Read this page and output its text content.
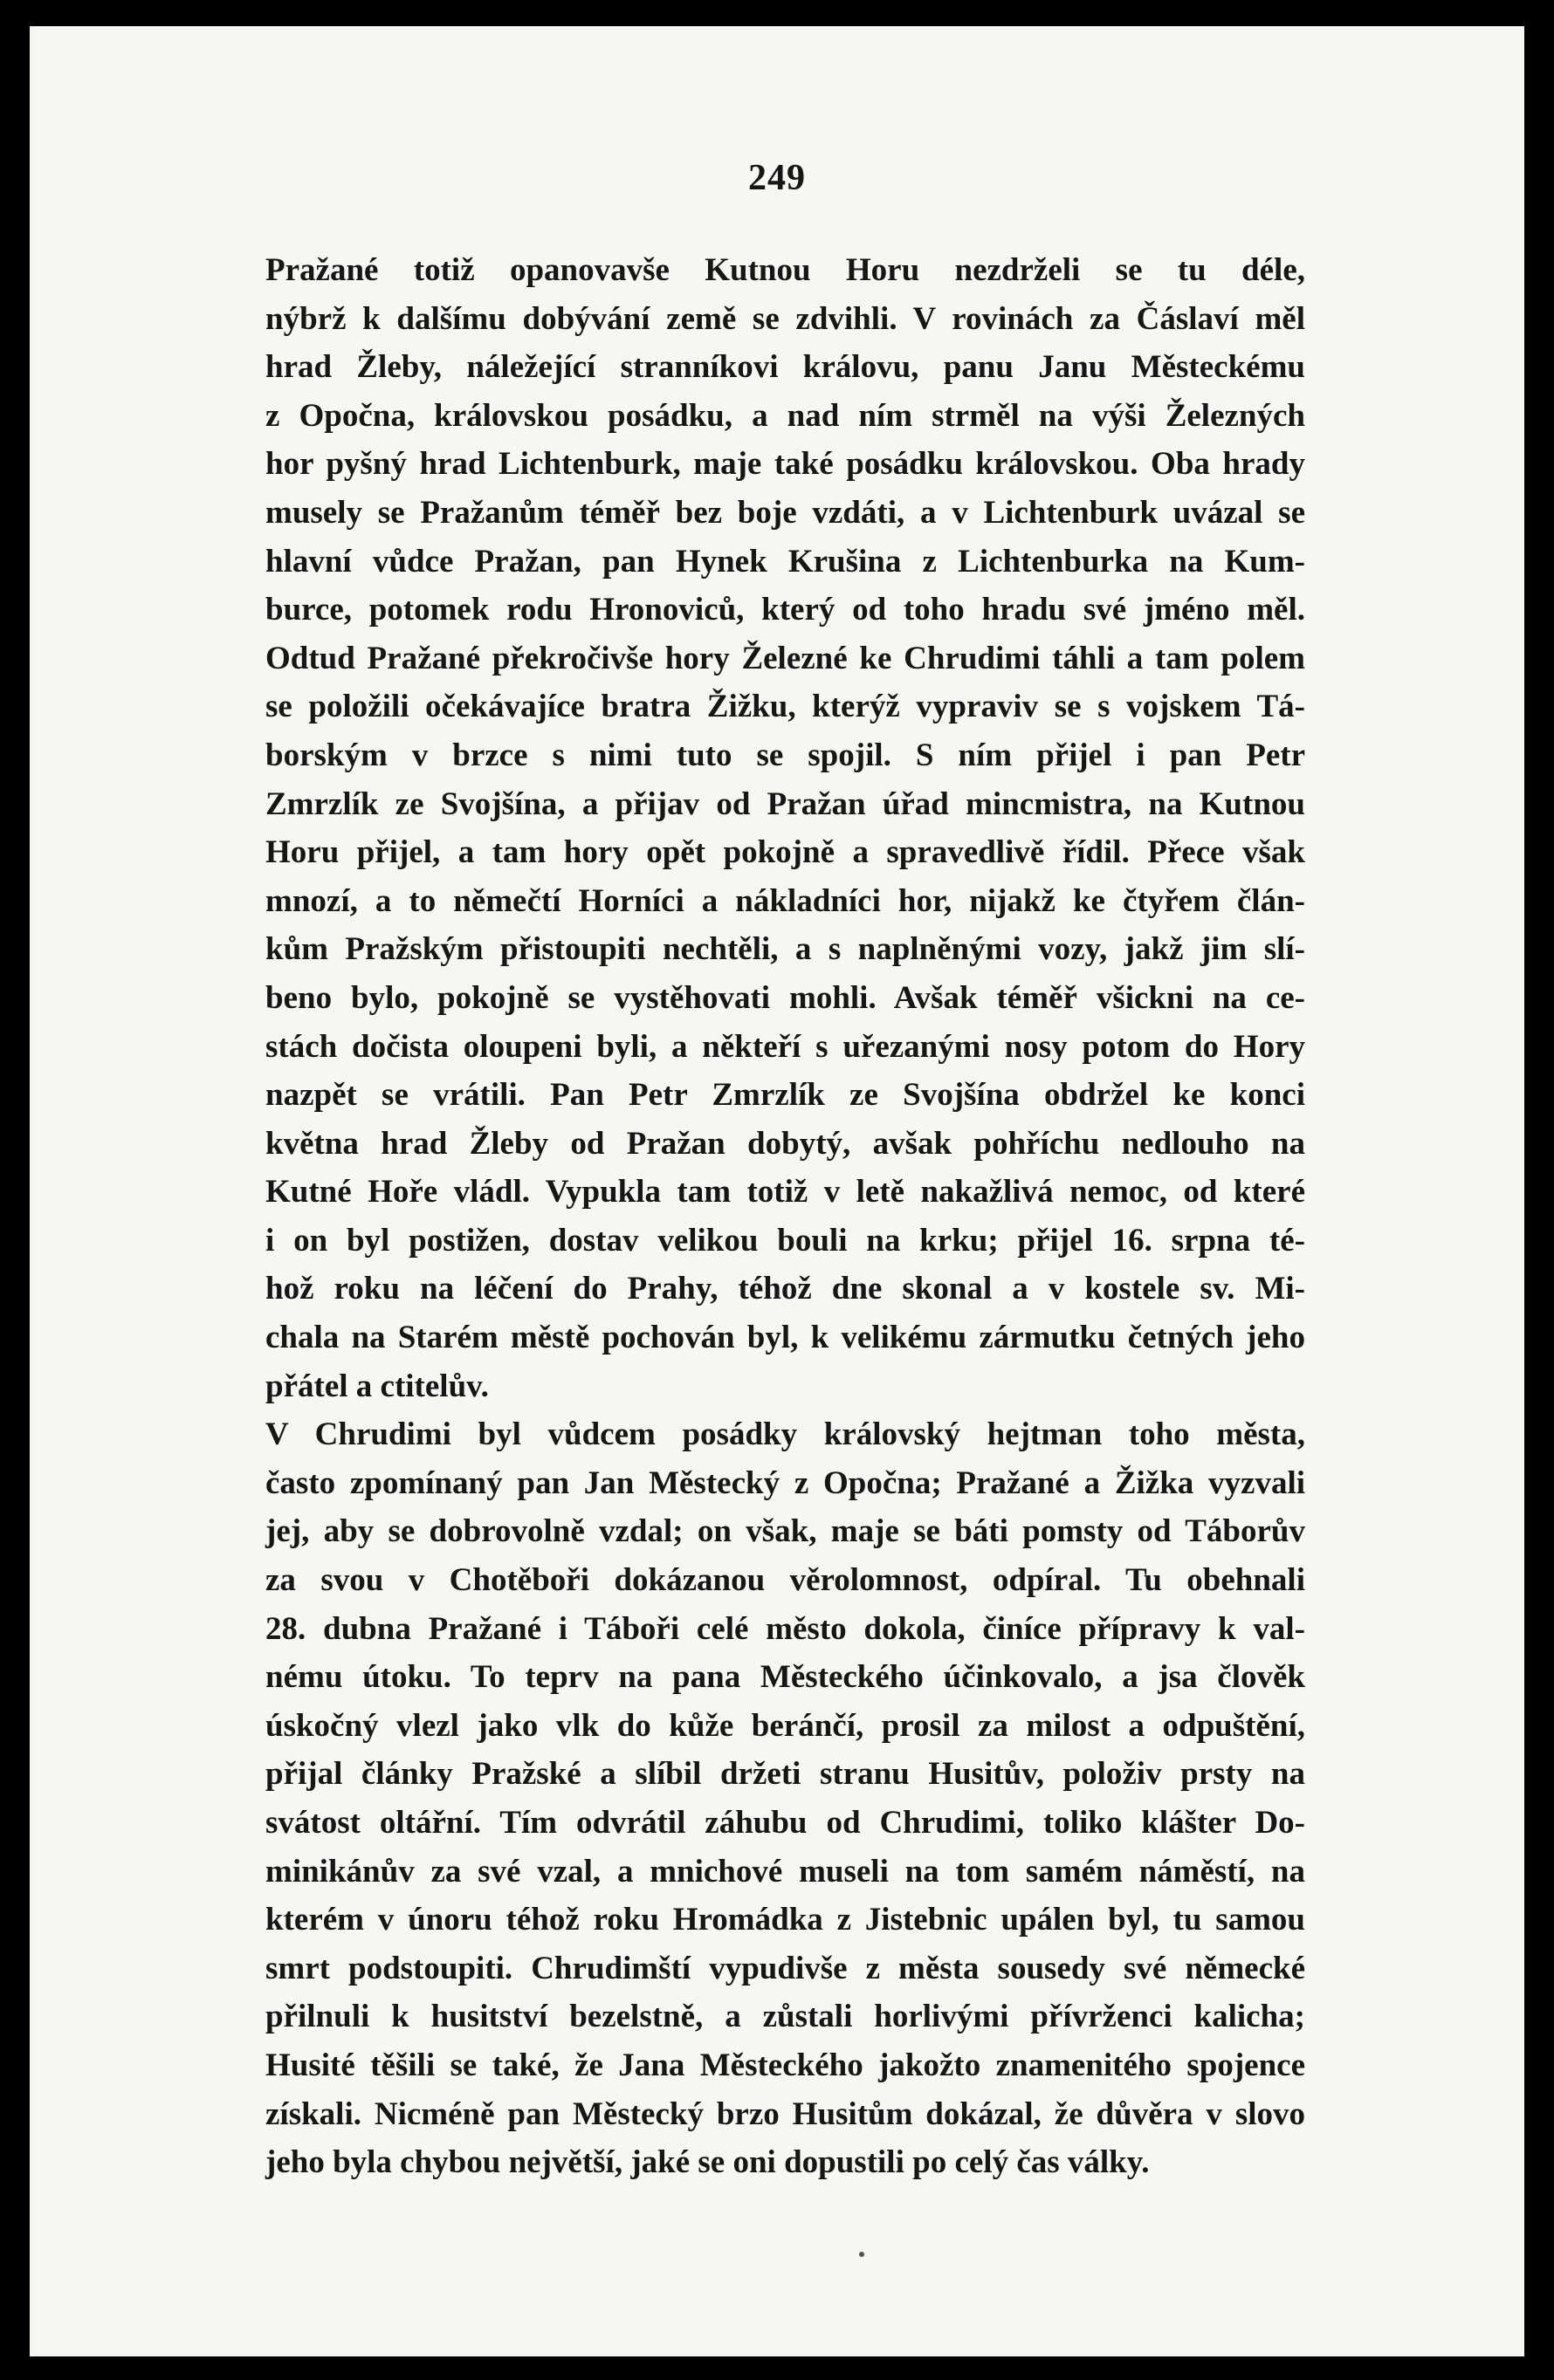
249

Pražané totiž opanovavše Kutnou Horu nezdrželi se tu déle,
nýbrž k dalšímu dobývání země se zdvihli. V rovinách za Čáslaví měl
hrad Žleby, náležející stranníkovi královu, panu Janu Městeckému
z Opočna, královskou posádku, a nad ním strměl na výši Železných
hor pyšný hrad Lichtenburk, maje také posádku královskou. Oba hrady
musely se Pražanům téměř bez boje vzdáti, a v Lichtenburk uvázal se
hlavní vůdce Pražan, pan Hynek Krušina z Lichtenburka na Kum-
burce, potomek rodu Hronoviců, který od toho hradu své jméno měl.
Odtud Pražané překročivše hory Železné ke Chrudimi táhli a tam polem
se položili očekávajíce bratra Žižku, kterýž vypraviv se s vojskem Tá-
borským v brzce s nimi tuto se spojil. S ním přijel i pan Petr
Zmrzlík ze Svojšína, a přijav od Pražan úřad mincmistra, na Kutnou
Horu přijel, a tam hory opět pokojně a spravedlivě řídil. Přece však
mnozí, a to němečtí Horníci a nákladníci hor, nijakž ke čtyřem člán-
kům Pražským přistoupiti nechtěli, a s naplněnými vozy, jakž jim slí-
beno bylo, pokojně se vystěhovati mohli. Avšak téměř všickni na ce-
stách dočista oloupeni byli, a někteří s uřezanými nosy potom do Hory
nazpět se vrátili. Pan Petr Zmrzlík ze Svojšína obdržel ke konci
května hrad Žleby od Pražan dobytý, avšak pohříchu nedlouho na
Kutné Hoře vládl. Vypukla tam totiž v letě nakažlivá nemoc, od které
i on byl postižen, dostav velikou bouli na krku; přijel 16. srpna té-
hož roku na léčení do Prahy, téhož dne skonal a v kostele sv. Mi-
chala na Starém městě pochován byl, k velikému zármutku četných jeho
přátel a ctitelův.

V Chrudimi byl vůdcem posádky královský hejtman toho města,
často zpomínaný pan Jan Městecký z Opočna; Pražané a Žižka vyzvali
jej, aby se dobrovolně vzdal; on však, maje se báti pomsty od Táborův
za svou v Chotěboři dokázanou věrolomnost, odpíral. Tu obehnali
28. dubna Pražané i Táboři celé město dokola, činíce přípravy k val-
nému útoku. To teprv na pana Městeckého účinkovalo, a jsa člověk
úskočný vlezl jako vlk do kůže beránčí, prosil za milost a odpuštění,
přijal články Pražské a slíbil držeti stranu Husitův, položiv prsty na
svátost oltářní. Tím odvrátil záhubu od Chrudimi, toliko klášter Do-
minikánův za své vzal, a mnichové museli na tom samém náměstí, na
kterém v únoru téhož roku Hromádka z Jistebnic upálen byl, tu samou
smrt podstoupiti. Chrudimští vypudivše z města sousedy své německé
přilnuli k husitství bezelstně, a zůstali horlivými přívrženci kalicha;
Husité těšili se také, že Jana Městeckého jakožto znamenitého spojence
získali. Nicméně pan Městecký brzo Husitům dokázal, že důvěra v slovo
jeho byla chybou největší, jaké se oni dopustili po celý čas války.
